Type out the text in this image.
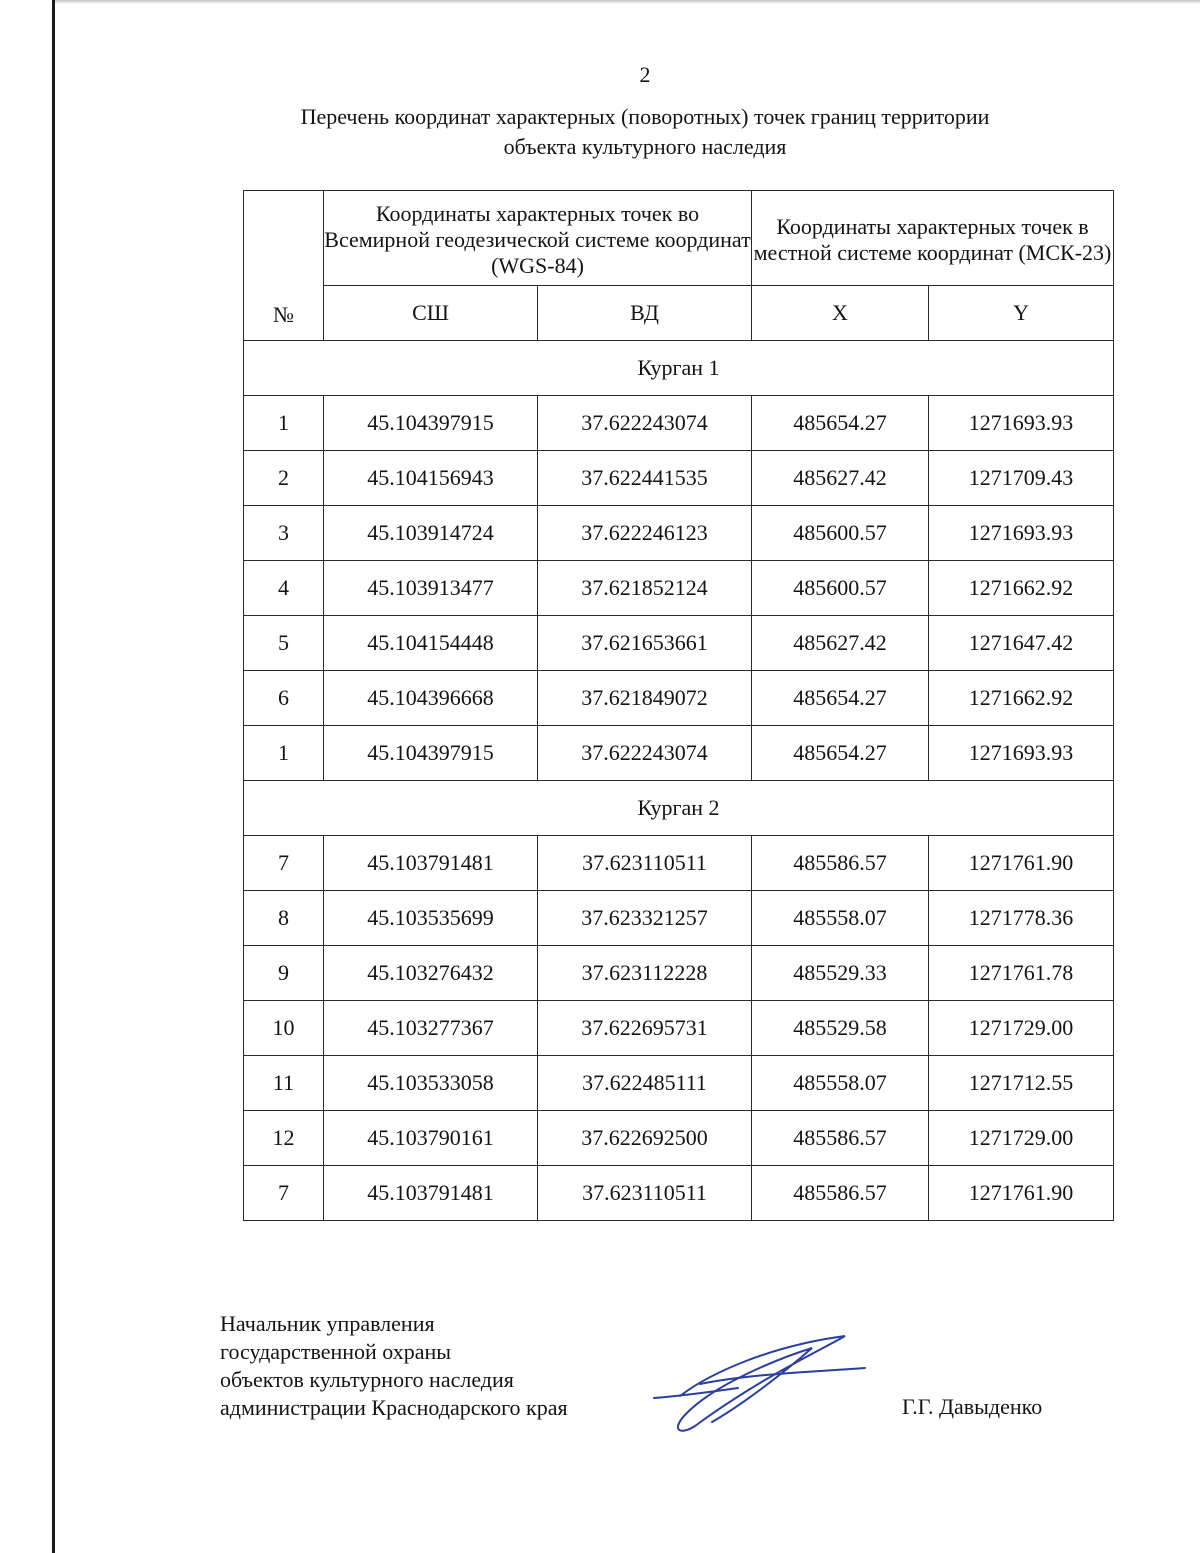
2
Перечень координат характерных (поворотных) точек границ территории
объекта культурного наследия
№	Координаты характерных точек во Всемирной геодезической системе координат (WGS-84)		Координаты характерных точек в местной системе координат (МСК-23)	
	СШ	ВД	X	Y
Курган 1				
1	45.104397915	37.622243074	485654.27	1271693.93
2	45.104156943	37.622441535	485627.42	1271709.43
3	45.103914724	37.622246123	485600.57	1271693.93
4	45.103913477	37.621852124	485600.57	1271662.92
5	45.104154448	37.621653661	485627.42	1271647.42
6	45.104396668	37.621849072	485654.27	1271662.92
1	45.104397915	37.622243074	485654.27	1271693.93
Курган 2				
7	45.103791481	37.623110511	485586.57	1271761.90
8	45.103535699	37.623321257	485558.07	1271778.36
9	45.103276432	37.623112228	485529.33	1271761.78
10	45.103277367	37.622695731	485529.58	1271729.00
11	45.103533058	37.622485111	485558.07	1271712.55
12	45.103790161	37.622692500	485586.57	1271729.00
7	45.103791481	37.623110511	485586.57	1271761.90
Начальник управления
государственной охраны
объектов культурного наследия
администрации Краснодарского края	Г.Г. Давыденко
